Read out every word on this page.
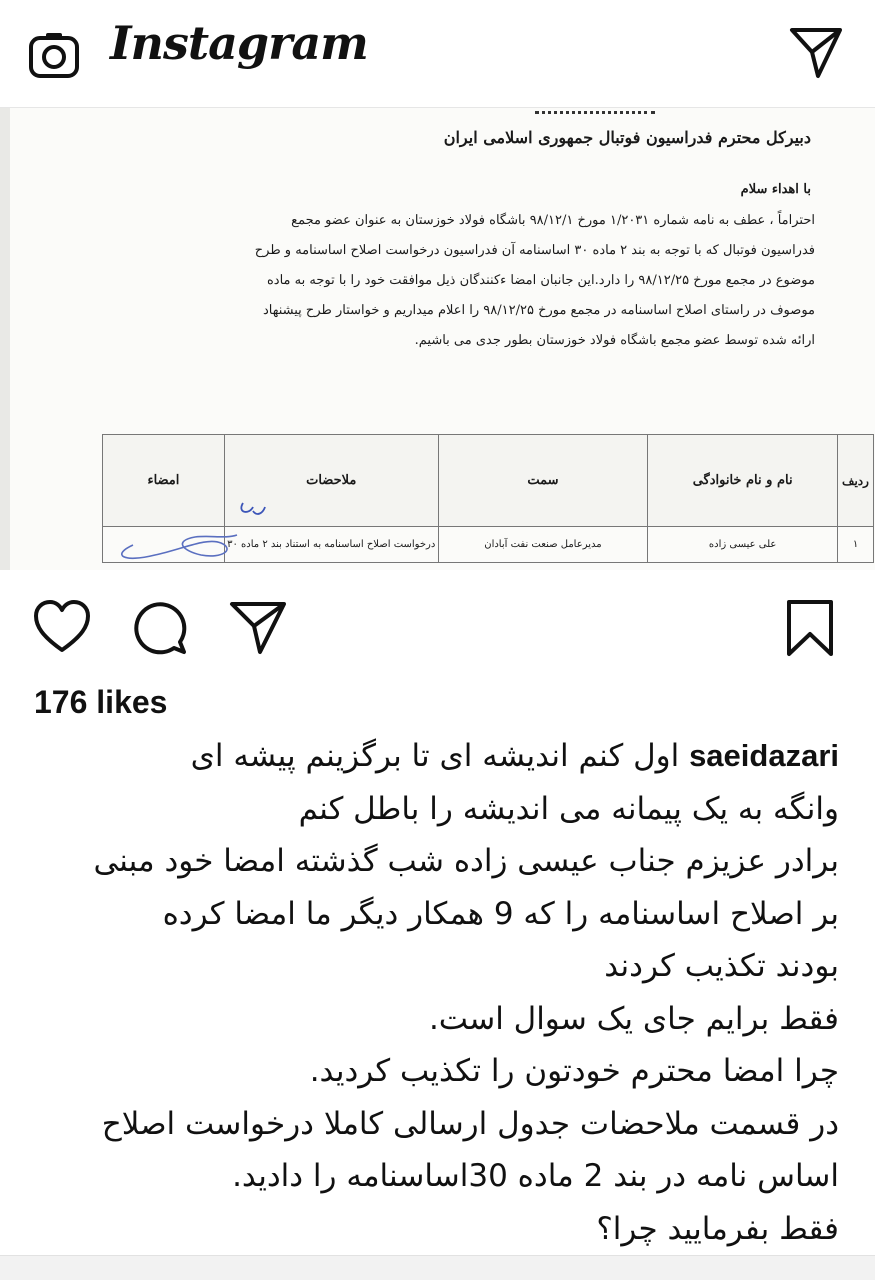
Instagram
دبیرکل محترم فدراسیون فوتبال جمهوری اسلامی ایران
با اهداء سلام
احتراماً ، عطف به نامه شماره ۱/۲۰۳۱ مورخ ۹۸/۱۲/۱ باشگاه فولاد خوزستان به عنوان عضو مجمع
فدراسیون فوتبال که با توجه به بند ۲ ماده ۳۰ اساسنامه آن فدراسیون درخواست اصلاح اساسنامه و طرح
موضوع در مجمع مورخ ۹۸/۱۲/۲۵ را دارد.این جانبان امضا ءکنندگان ذیل موافقت خود را با توجه به ماده
موصوف در راستای اصلاح اساسنامه در مجمع مورخ ۹۸/۱۲/۲۵ را اعلام میداریم و خواستار طرح پیشنهاد
ارائه شده توسط عضو مجمع باشگاه فولاد خوزستان بطور جدی می باشیم.
ردیف	نام و نام خانوادگی	سمت	ملاحضات	امضاء
۱	علی عیسی زاده	مدیرعامل صنعت نفت آبادان	درخواست اصلاح اساسنامه به استناد بند ۲ ماده ۳۰	
176 likes
saeidazari اول کنم اندیشه ای تا برگزینم پیشه ای
وانگه به یک پیمانه می اندیشه را باطل کنم
برادر عزیزم جناب عیسی زاده شب گذشته امضا خود مبنی
بر اصلاح اساسنامه را که 9 همکار دیگر ما امضا کرده
بودند تکذیب کردند
فقط برایم جای یک سوال است.
چرا امضا محترم خودتون را تکذیب کردید.
در قسمت ملاحضات جدول ارسالی کاملا درخواست اصلاح
اساس نامه در بند 2 ماده 30اساسنامه را دادید.
فقط بفرمایید چرا؟
